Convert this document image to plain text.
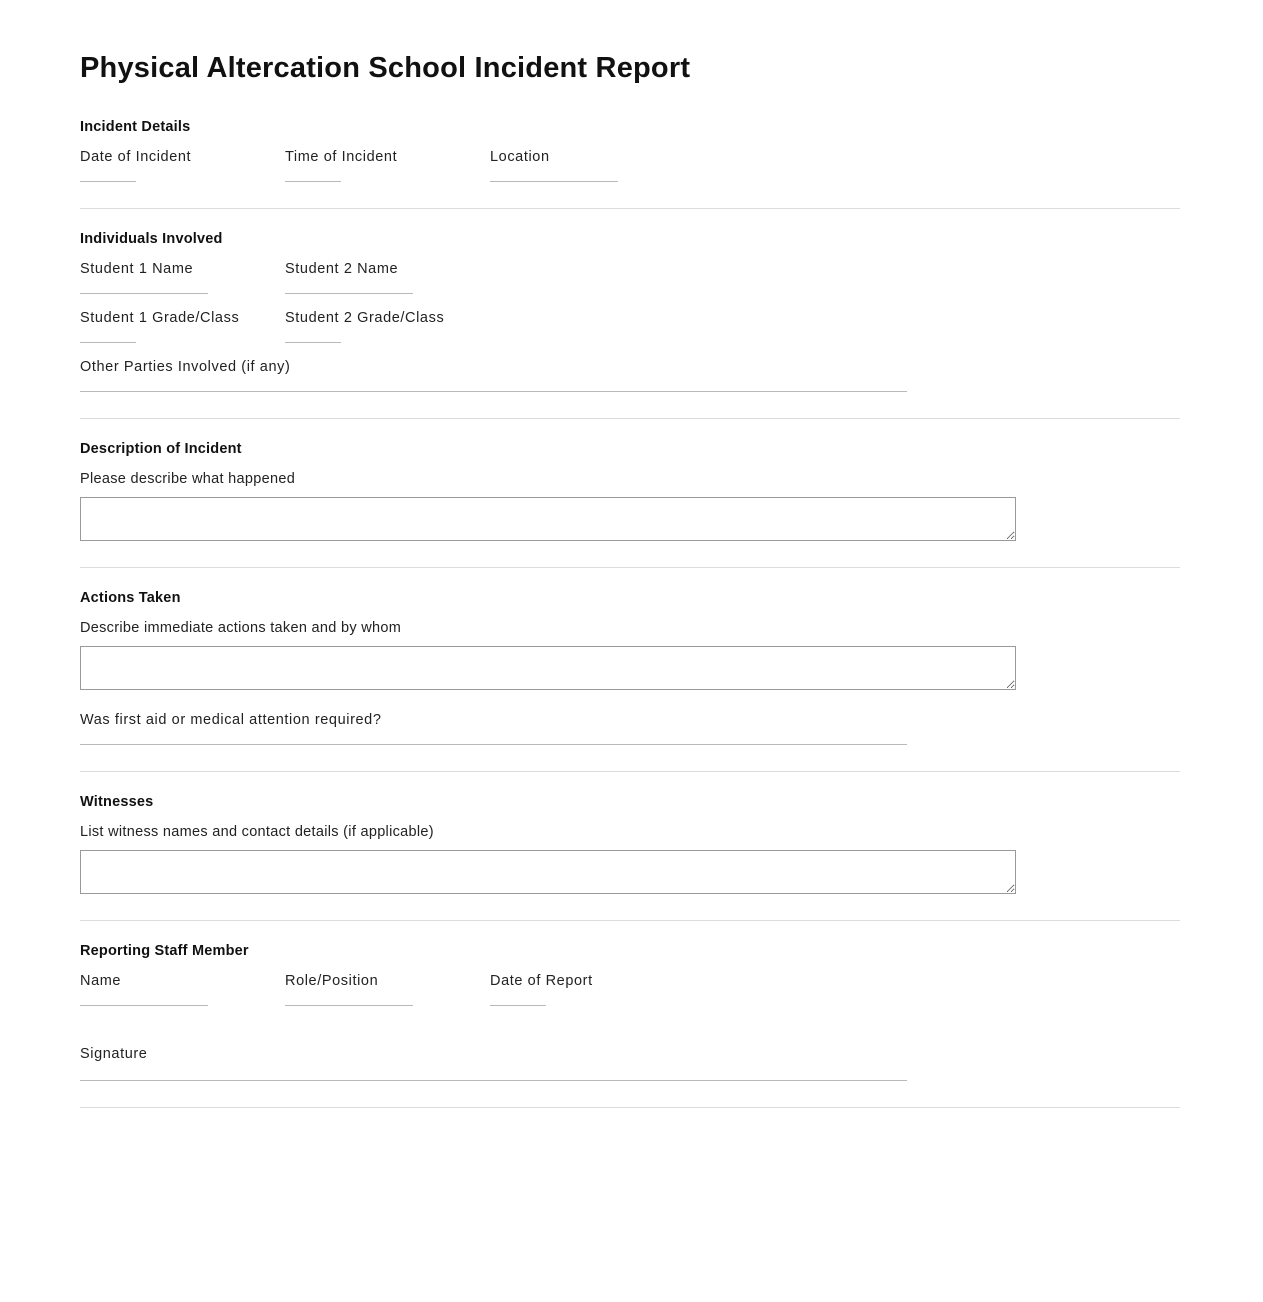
Physical Altercation School Incident Report
Incident Details
Date of Incident	Time of Incident	Location
Individuals Involved
Student 1 Name	Student 2 Name
Student 1 Grade/Class	Student 2 Grade/Class
Other Parties Involved (if any)
Description of Incident
Please describe what happened
Actions Taken
Describe immediate actions taken and by whom
Was first aid or medical attention required?
Witnesses
List witness names and contact details (if applicable)
Reporting Staff Member
Name	Role/Position	Date of Report
Signature
